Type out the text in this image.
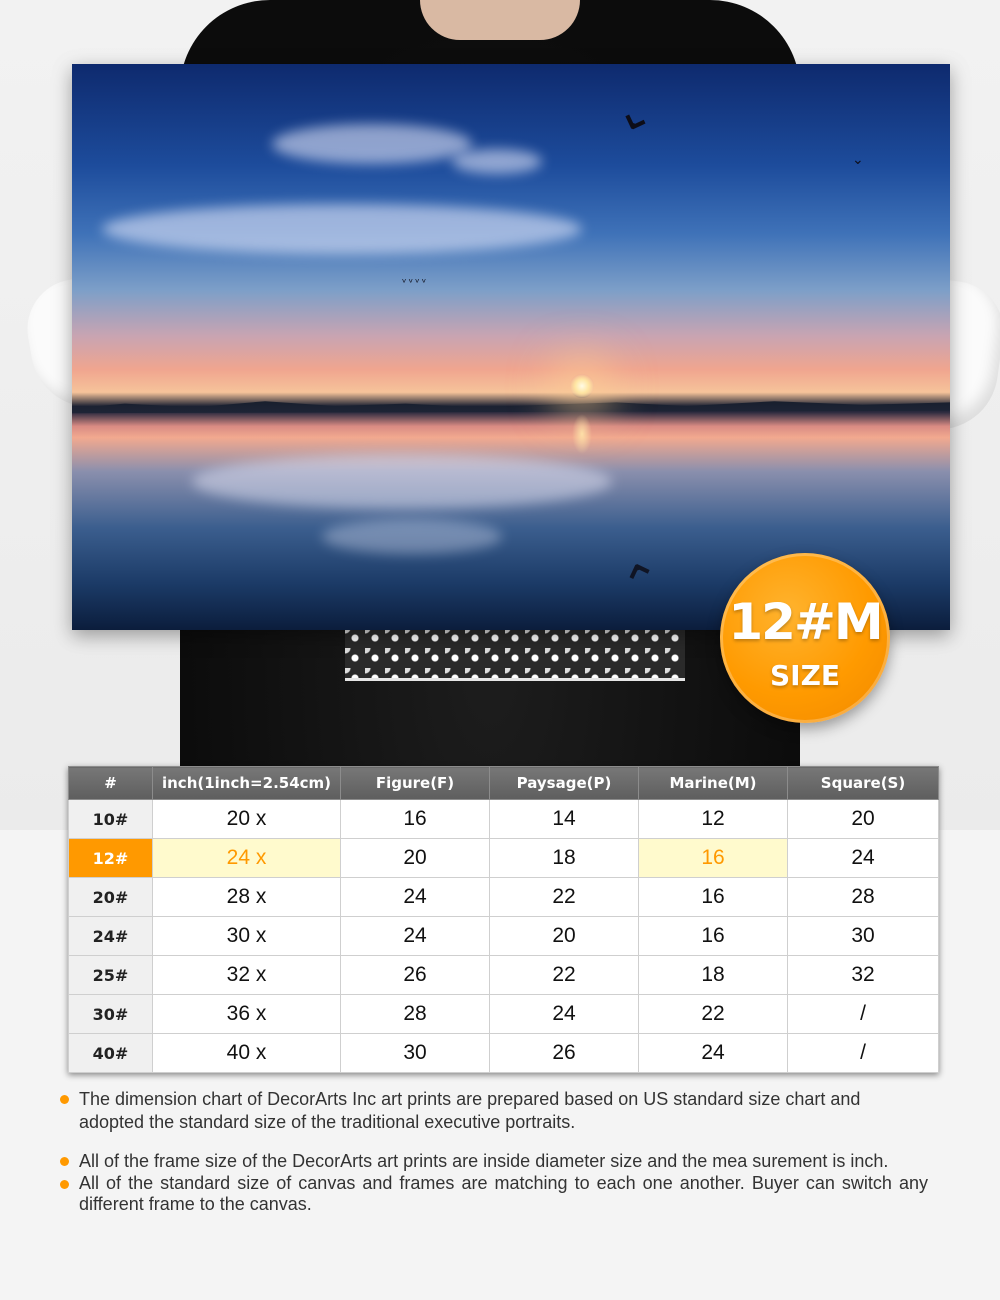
⌄
⌄
ᵛᵛᵛᵛ
⌃
12#M
SIZE
#	inch(1inch=2.54cm)	Figure(F)	Paysage(P)	Marine(M)	Square(S)
10#	20 x	16	14	12	20
12#	24 x	20	18	16	24
20#	28 x	24	22	16	28
24#	30 x	24	20	16	30
25#	32 x	26	22	18	32
30#	36 x	28	24	22	/
40#	40 x	30	26	24	/
The dimension chart of DecorArts Inc art prints are prepared based on US standard size chart and adopted the standard size of the traditional executive portraits.
All of the frame size of the DecorArts art prints are inside diameter size and the mea surement is inch.
All of the standard size of canvas and frames are matching to each one another. Buyer can switch any different frame to the canvas.
